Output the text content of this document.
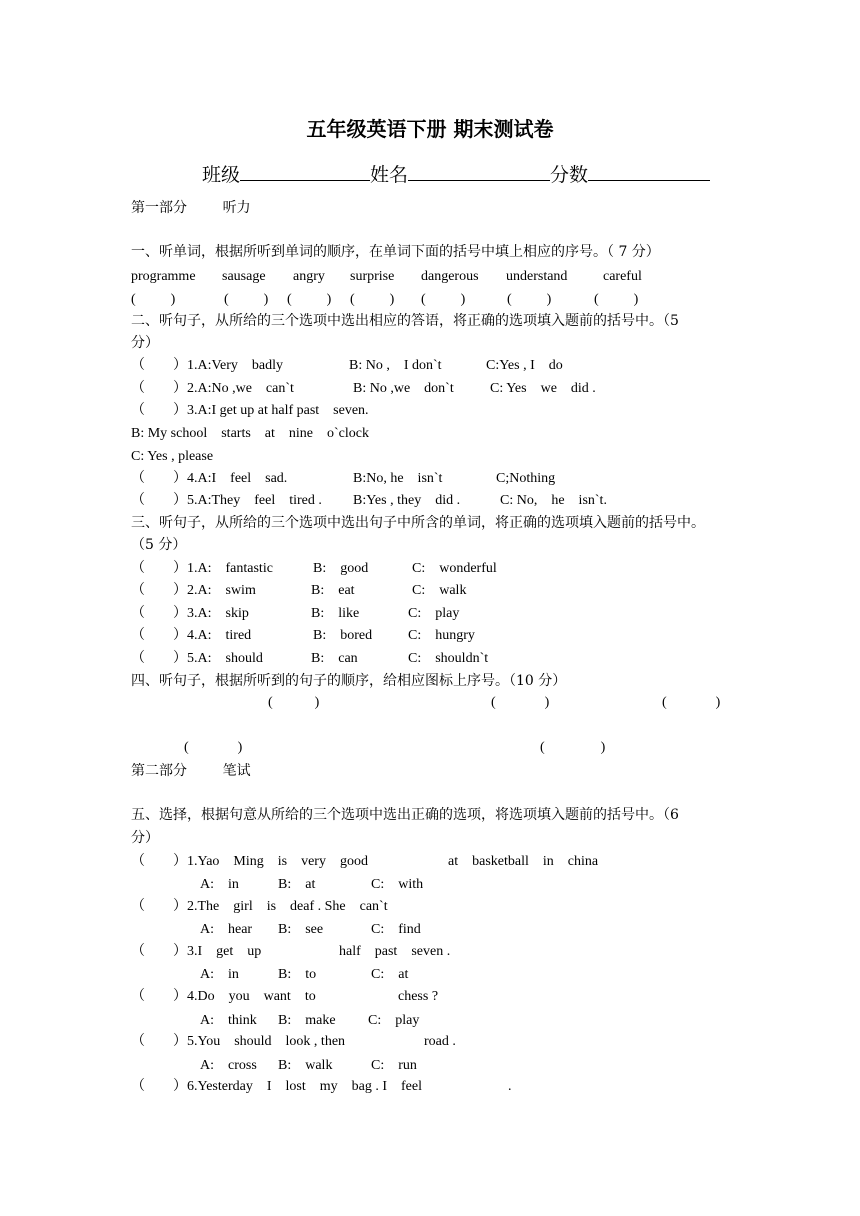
五年级英语下册 期末测试卷
班级	姓名	分数
第一部分        听力
一、听单词，根据所听到单词的顺序，在单词下面的括号中填上相应的序号。（ 7 分）
programme sausage angry surprise dangerous understand	careful
(          )	(          ) (          ) (          ) (          )	(          )	(          )
二、听句子，从所给的三个选项中选出相应的答语，将正确的选项填入题前的括号中。（5
分）
（        ）1.A:Very    badly	B: No ,    I don`t	C:Yes , I    do
（        ）2.A:No ,we    can`t	B: No ,we    don`t	C: Yes    we    did .
（        ）3.A:I get up at half past    seven.
B: My school    starts    at    nine    o`clock
C: Yes , please
（        ）4.A:I    feel    sad.	B:No, he    isn`t	C;Nothing
（        ）5.A:They    feel    tired . B:Yes , they    did .	C: No,    he    isn`t.
三、听句子，从所给的三个选项中选出句子中所含的单词，将正确的选项填入题前的括号中。
（5 分）
（        ）1.A:    fantastic	B:    good	C:    wonderful
（        ）2.A:    swim	B:    eat	C:    walk
（        ）3.A:    skip	B:    like	C:    play
（        ）4.A:    tired	B:    bored	C:    hungry
（        ）5.A:    should	B:    can	C:    shouldn`t
四、听句子，根据所听到的句子的顺序，给相应图标上序号。（10 分）
(            )	(              )	(              )
(              )	(                )
第二部分        笔试
五、选择，根据句意从所给的三个选项中选出正确的选项，将选项填入题前的括号中。（6
分）
（        ）1.Yao    Ming    is    very    good	at    basketball    in    china
A:    in	B:    at	C:    with
（        ）2.The    girl    is    deaf . She    can`t
A:    hear B:    see	C:    find
（        ）3.I    get    up	half    past    seven .
A:    in	B:    to	C:    at
（        ）4.Do    you    want    to	chess ?
A:    think B:    make C:    play
（        ）5.You    should    look , then	road .
A:    cross B:    walk	C:    run
（        ）6.Yesterday    I    lost    my    bag . I    feel	.
